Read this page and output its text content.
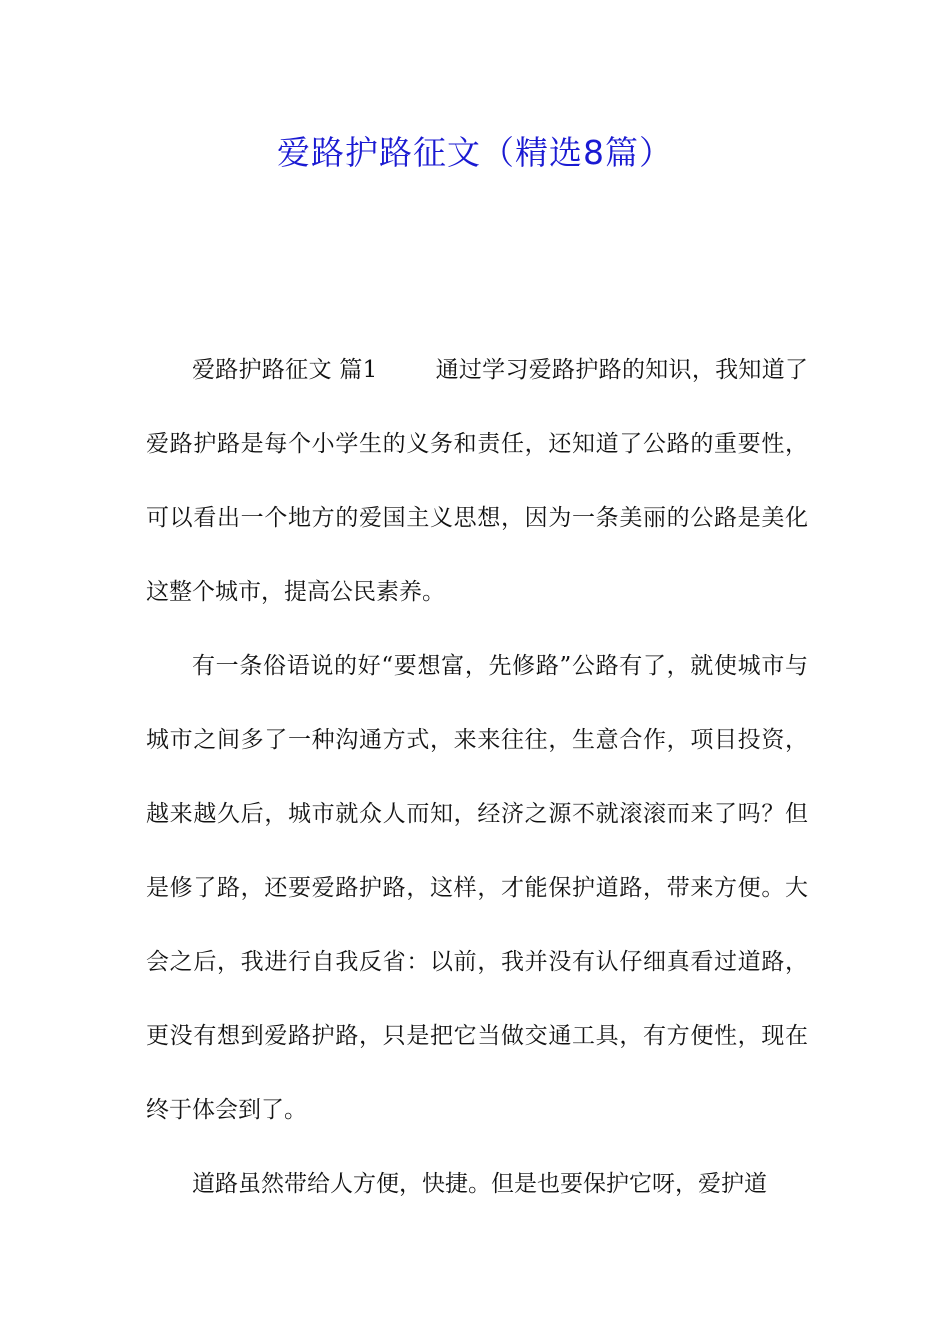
爱路护路征文（精选8篇）

爱路护路征文 篇1	通过学习爱路护路的知识，我知道了爱路护路是每个小学生的义务和责任，还知道了公路的重要性，可以看出一个地方的爱国主义思想，因为一条美丽的公路是美化这整个城市，提高公民素养。

有一条俗语说的好“要想富，先修路”公路有了，就使城市与城市之间多了一种沟通方式，来来往往，生意合作，项目投资，越来越久后，城市就众人而知，经济之源不就滚滚而来了吗？但是修了路，还要爱路护路，这样，才能保护道路，带来方便。大会之后，我进行自我反省：以前，我并没有认仔细真看过道路，更没有想到爱路护路，只是把它当做交通工具，有方便性，现在终于体会到了。

道路虽然带给人方便，快捷。但是也要保护它呀，爱护道
